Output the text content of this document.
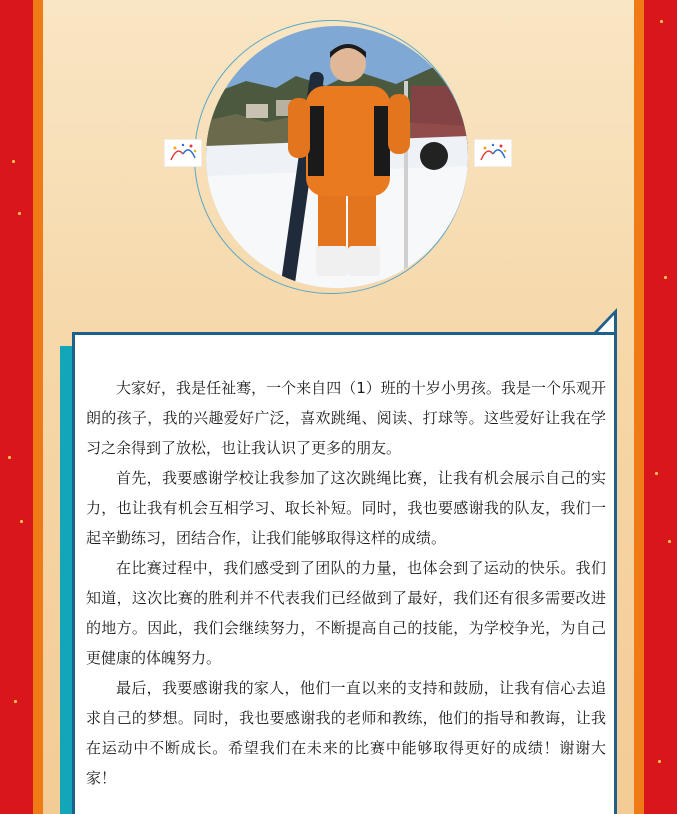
大家好，我是任祉骞，一个来自四（1）班的十岁小男孩。我是一个乐观开朗的孩子，我的兴趣爱好广泛，喜欢跳绳、阅读、打球等。这些爱好让我在学习之余得到了放松，也让我认识了更多的朋友。

首先，我要感谢学校让我参加了这次跳绳比赛，让我有机会展示自己的实力，也让我有机会互相学习、取长补短。同时，我也要感谢我的队友，我们一起辛勤练习，团结合作，让我们能够取得这样的成绩。

在比赛过程中，我们感受到了团队的力量，也体会到了运动的快乐。我们知道，这次比赛的胜利并不代表我们已经做到了最好，我们还有很多需要改进的地方。因此，我们会继续努力，不断提高自己的技能，为学校争光，为自己更健康的体魄努力。

最后，我要感谢我的家人，他们一直以来的支持和鼓励，让我有信心去追求自己的梦想。同时，我也要感谢我的老师和教练，他们的指导和教诲，让我在运动中不断成长。希望我们在未来的比赛中能够取得更好的成绩！谢谢大家！
